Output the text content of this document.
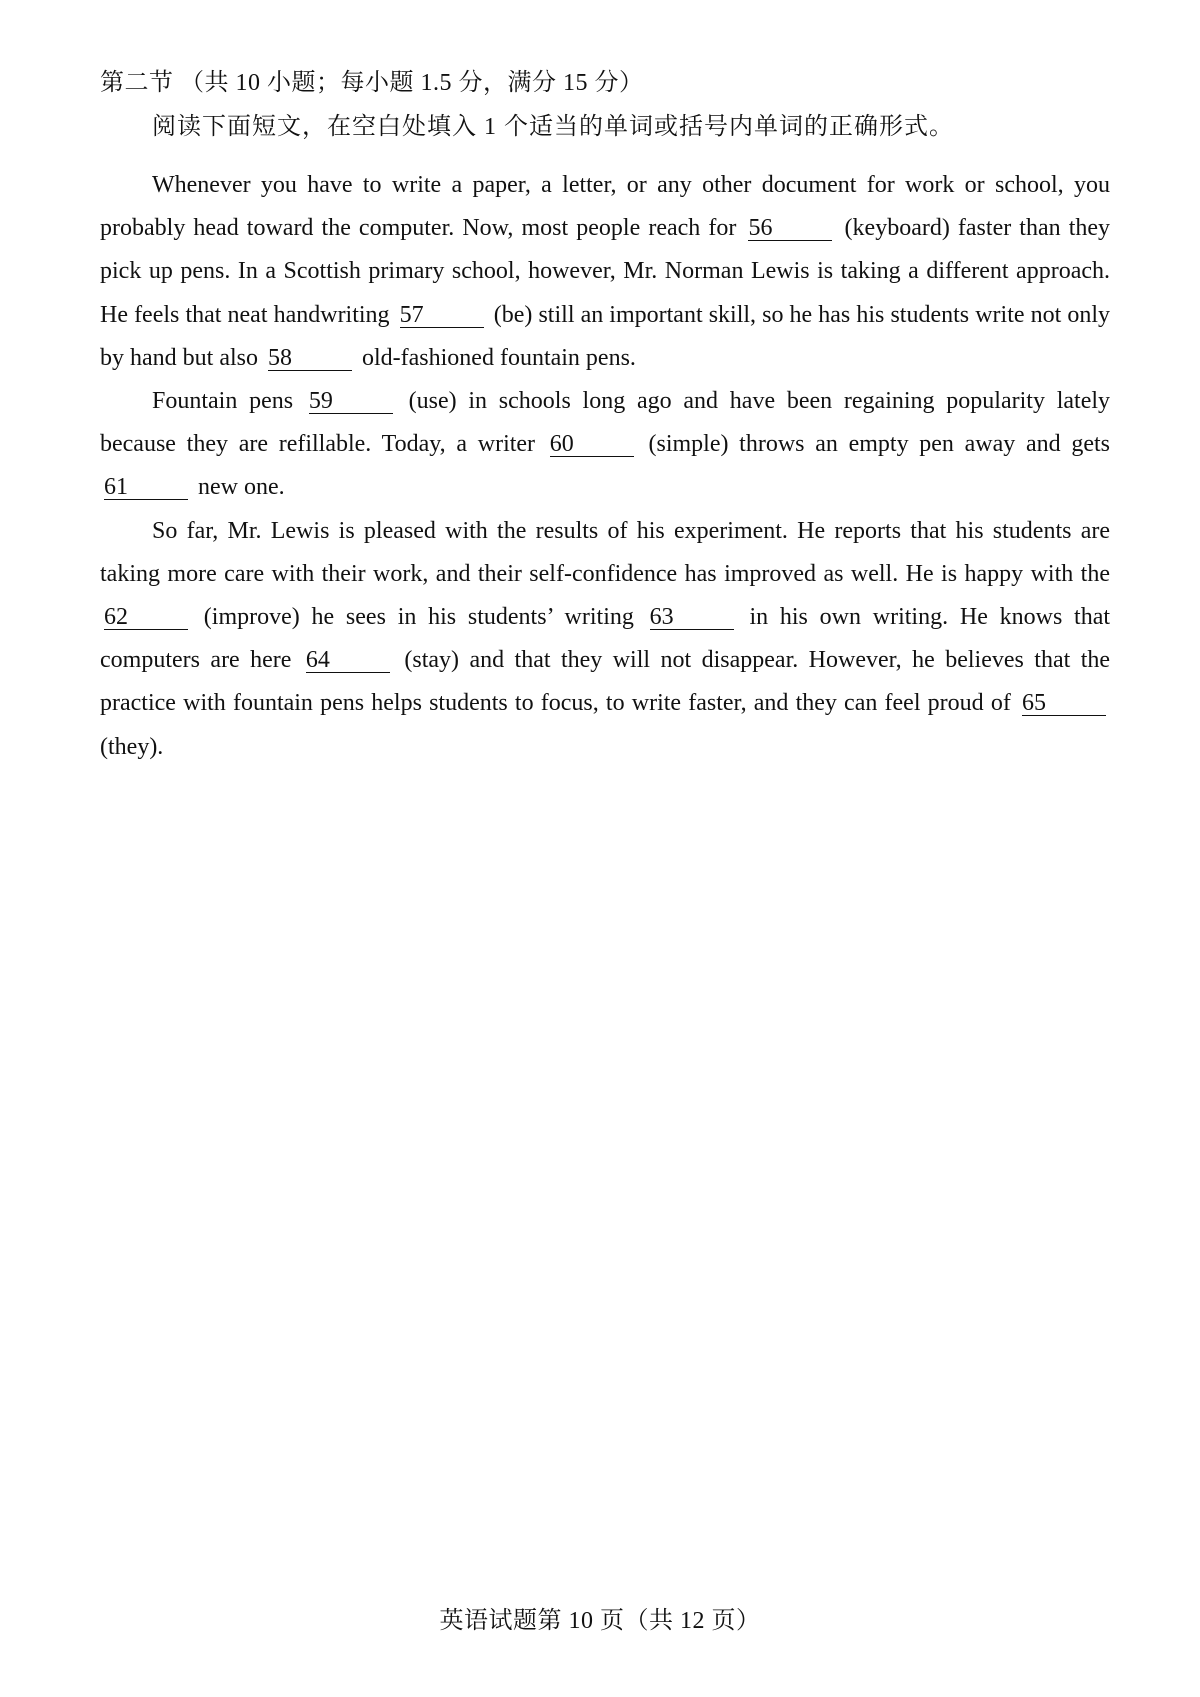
第二节 （共 10 小题；每小题 1.5 分，满分 15 分）
阅读下面短文，在空白处填入 1 个适当的单词或括号内单词的正确形式。

Whenever you have to write a paper, a letter, or any other document for work or school, you probably head toward the computer. Now, most people reach for 56	(keyboard) faster than they pick up pens. In a Scottish primary school, however, Mr. Norman Lewis is taking a different approach. He feels that neat handwriting 57	(be) still an important skill, so he has his students write not only by hand but also 58	old-fashioned fountain pens.

Fountain pens 59	(use) in schools long ago and have been regaining popularity lately because they are refillable. Today, a writer 60	(simple) throws an empty pen away and gets 61	new one.

So far, Mr. Lewis is pleased with the results of his experiment. He reports that his students are taking more care with their work, and their self-confidence has improved as well. He is happy with the 62	(improve) he sees in his students’ writing 63	in his own writing. He knows that computers are here 64	(stay) and that they will not disappear. However, he believes that the practice with fountain pens helps students to focus, to write faster, and they can feel proud of 65 (they).

英语试题第 10 页（共 12 页）
